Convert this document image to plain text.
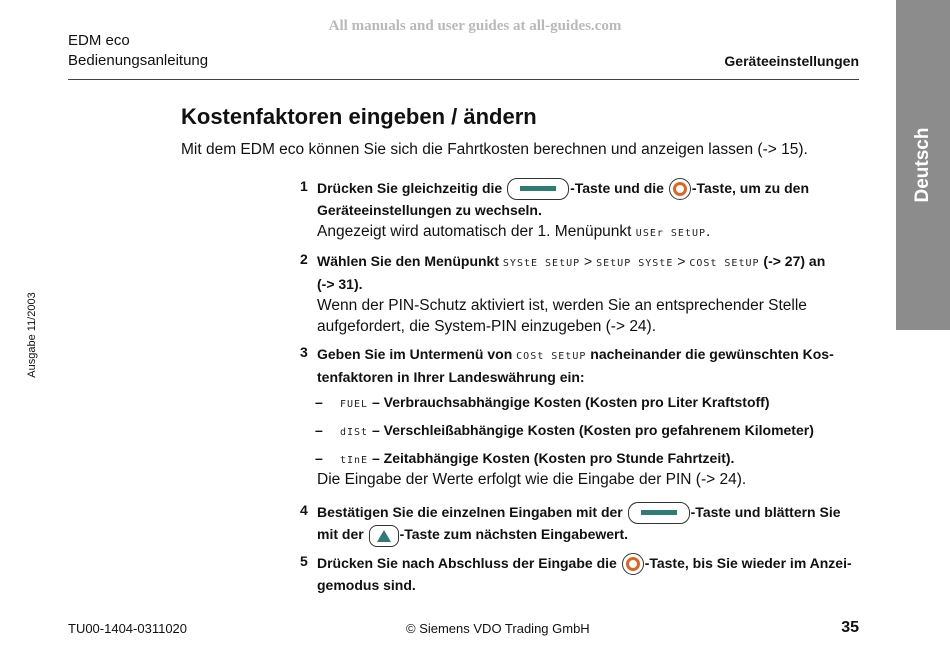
All manuals and user guides at all-guides.com
EDM eco
Bedienungsanleitung	Geräteeinstellungen
Deutsch
Ausgabe 11/2003
Kostenfaktoren eingeben / ändern
Mit dem EDM eco können Sie sich die Fahrtkosten berechnen und anzeigen lassen (-> 15).
1 Drücken Sie gleichzeitig die	-Taste und die -Taste, um zu den
Geräteeinstellungen zu wechseln.
Angezeigt wird automatisch der 1. Menüpunkt USEr SEtUP.
2 Wählen Sie den Menüpunkt SYStE SEtUP > SEtUP SYStE > COSt SEtUP (-> 27) an
(-> 31).
Wenn der PIN-Schutz aktiviert ist, werden Sie an entsprechender Stelle
aufgefordert, die System-PIN einzugeben (-> 24).
3 Geben Sie im Untermenü von COSt SEtUP nacheinander die gewünschten Kos-
tenfaktoren in Ihrer Landeswährung ein:
– FUEL – Verbrauchsabhängige Kosten (Kosten pro Liter Kraftstoff)
– dISt – Verschleißabhängige Kosten (Kosten pro gefahrenem Kilometer)
– tInE – Zeitabhängige Kosten (Kosten pro Stunde Fahrtzeit).
Die Eingabe der Werte erfolgt wie die Eingabe der PIN (-> 24).
4 Bestätigen Sie die einzelnen Eingaben mit der	-Taste und blättern Sie
mit der	-Taste zum nächsten Eingabewert.
5 Drücken Sie nach Abschluss der Eingabe die -Taste, bis Sie wieder im Anzei-
gemodus sind.
TU00-1404-0311020	© Siemens VDO Trading GmbH	35
